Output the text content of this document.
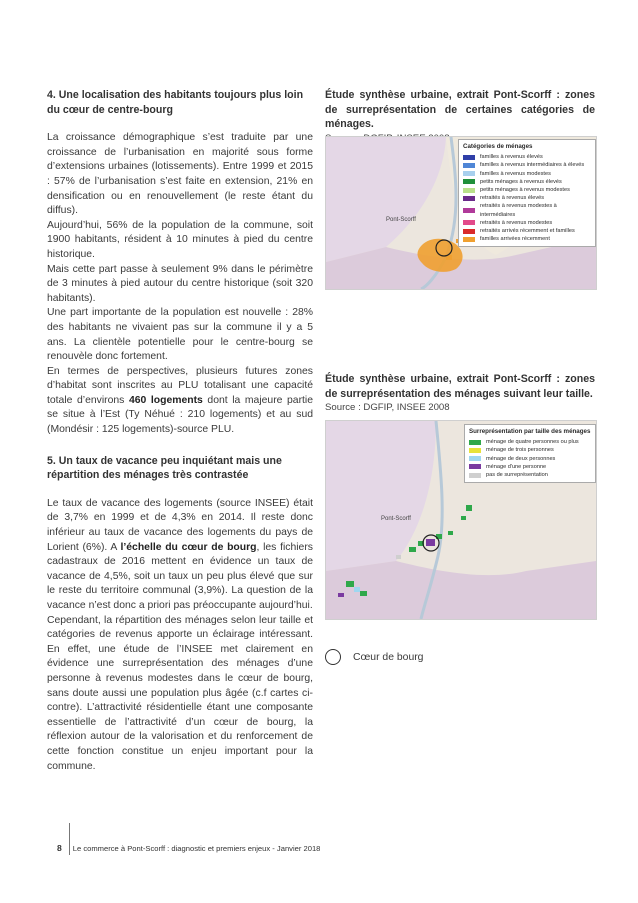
4. Une localisation des habitants toujours plus loin du cœur de centre-bourg

La croissance démographique s’est traduite par une croissance de l’urbanisation en majorité sous forme d’extensions urbaines (lotissements). Entre 1999 et 2015 : 57% de l’urbanisation s’est faite en extension, 21% en densification ou en renouvellement (le reste étant du diffus).

Aujourd’hui, 56% de la population de la commune, soit 1900 habitants, résident à 10 minutes à pied du centre historique.

Mais cette part passe à seulement 9% dans le périmètre de 3 minutes à pied autour du centre historique (soit 320 habitants).

Une part importante de la population est nouvelle : 28% des habitants ne vivaient pas sur la commune il y a 5 ans. La clientèle potentielle pour le centre-bourg se renouvèle donc fortement.

En termes de perspectives, plusieurs futures zones d’habitat sont inscrites au PLU totalisant une capacité totale d’environs 460 logements dont la majeure partie se situe à l’Est (Ty Néhué : 210 logements) et au sud (Mondésir : 125 logements)-source PLU.

5. Un taux de vacance peu inquiétant mais une répartition des ménages très contrastée

Le taux de vacance des logements (source INSEE) était de 3,7% en 1999 et de 4,3% en 2014. Il reste donc inférieur au taux de vacance des logements du pays de Lorient (6%). A l’échelle du cœur de bourg, les fichiers cadastraux de 2016 mettent en évidence un taux de vacance de 4,5%, soit un taux un peu plus élevé que sur le reste du territoire communal (3,9%). La question de la vacance n’est donc a priori pas préoccupante aujourd’hui.

Cependant, la répartition des ménages selon leur taille et catégories de revenus apporte un éclairage intéressant. En effet, une étude de l’INSEE met clairement en évidence une surreprésentation des ménages d’une personne à revenus modestes dans le cœur de bourg, sans doute aussi une population plus âgée (c.f cartes ci-contre). L’attractivité résidentielle étant une composante essentielle de l’attractivité d’un cœur de bourg, la réflexion autour de la valorisation et du renforcement de cette fonction constitue un enjeu important pour la commune.

Étude synthèse urbaine, extrait Pont-Scorff : zones de surreprésentation de certaines catégories de ménages.
Pont-Scorff
Catégories de ménages
familles à revenus élevés
familles à revenus intermédiaires à élevés
familles à revenus modestes
petits ménages à revenus élevés
petits ménages à revenus modestes
retraités à revenus élevés
retraités à revenus modestes à intermédiaires
retraités à revenus modestes
retraités arrivés récemment et familles
familles arrivées récemment
Étude synthèse urbaine, extrait Pont-Scorff : zones de surreprésentation des ménages suivant leur taille.
Source : DGFIP, INSEE 2008
Pont-Scorff
Surreprésentation par taille des ménages
ménage de quatre personnes ou plus
ménage de trois personnes
ménage de deux personnes
ménage d'une personne
pas de surreprésentation
Cœur de bourg
8 Le commerce à Pont-Scorff : diagnostic et premiers enjeux - Janvier 2018
